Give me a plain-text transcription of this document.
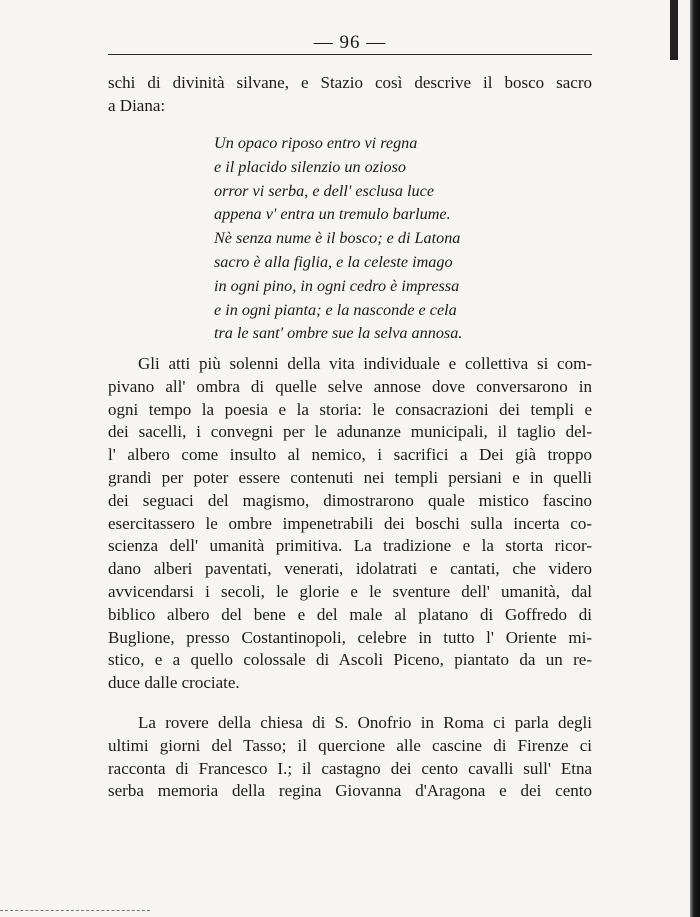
— 96 —
schi di divinità silvane, e Stazio così descrive il bosco sacro
a Diana:
Un opaco riposo entro vi regna
e il placido silenzio un ozioso
orror vi serba, e dell' esclusa luce
appena v' entra un tremulo barlume.
Nè senza nume è il bosco; e di Latona
sacro è alla figlia, e la celeste imago
in ogni pino, in ogni cedro è impressa
e in ogni pianta; e la nasconde e cela
tra le sant' ombre sue la selva annosa.
Gli atti più solenni della vita individuale e collettiva si com-
pivano all' ombra di quelle selve annose dove conversarono in
ogni tempo la poesia e la storia: le consacrazioni dei templi e
dei sacelli, i convegni per le adunanze municipali, il taglio del-
l' albero come insulto al nemico, i sacrifici a Dei già troppo
grandi per poter essere contenuti nei templi persiani e in quelli
dei seguaci del magismo, dimostrarono quale mistico fascino
esercitassero le ombre impenetrabili dei boschi sulla incerta co-
scienza dell' umanità primitiva. La tradizione e la storta ricor-
dano alberi paventati, venerati, idolatrati e cantati, che videro
avvicendarsi i secoli, le glorie e le sventure dell' umanità, dal
biblico albero del bene e del male al platano di Goffredo di
Buglione, presso Costantinopoli, celebre in tutto l' Oriente mi-
stico, e a quello colossale di Ascoli Piceno, piantato da un re-
duce dalle crociate.
La rovere della chiesa di S. Onofrio in Roma ci parla degli
ultimi giorni del Tasso; il quercione alle cascine di Firenze ci
racconta di Francesco I.; il castagno dei cento cavalli sull' Etna
serba memoria della regina Giovanna d'Aragona e dei cento
